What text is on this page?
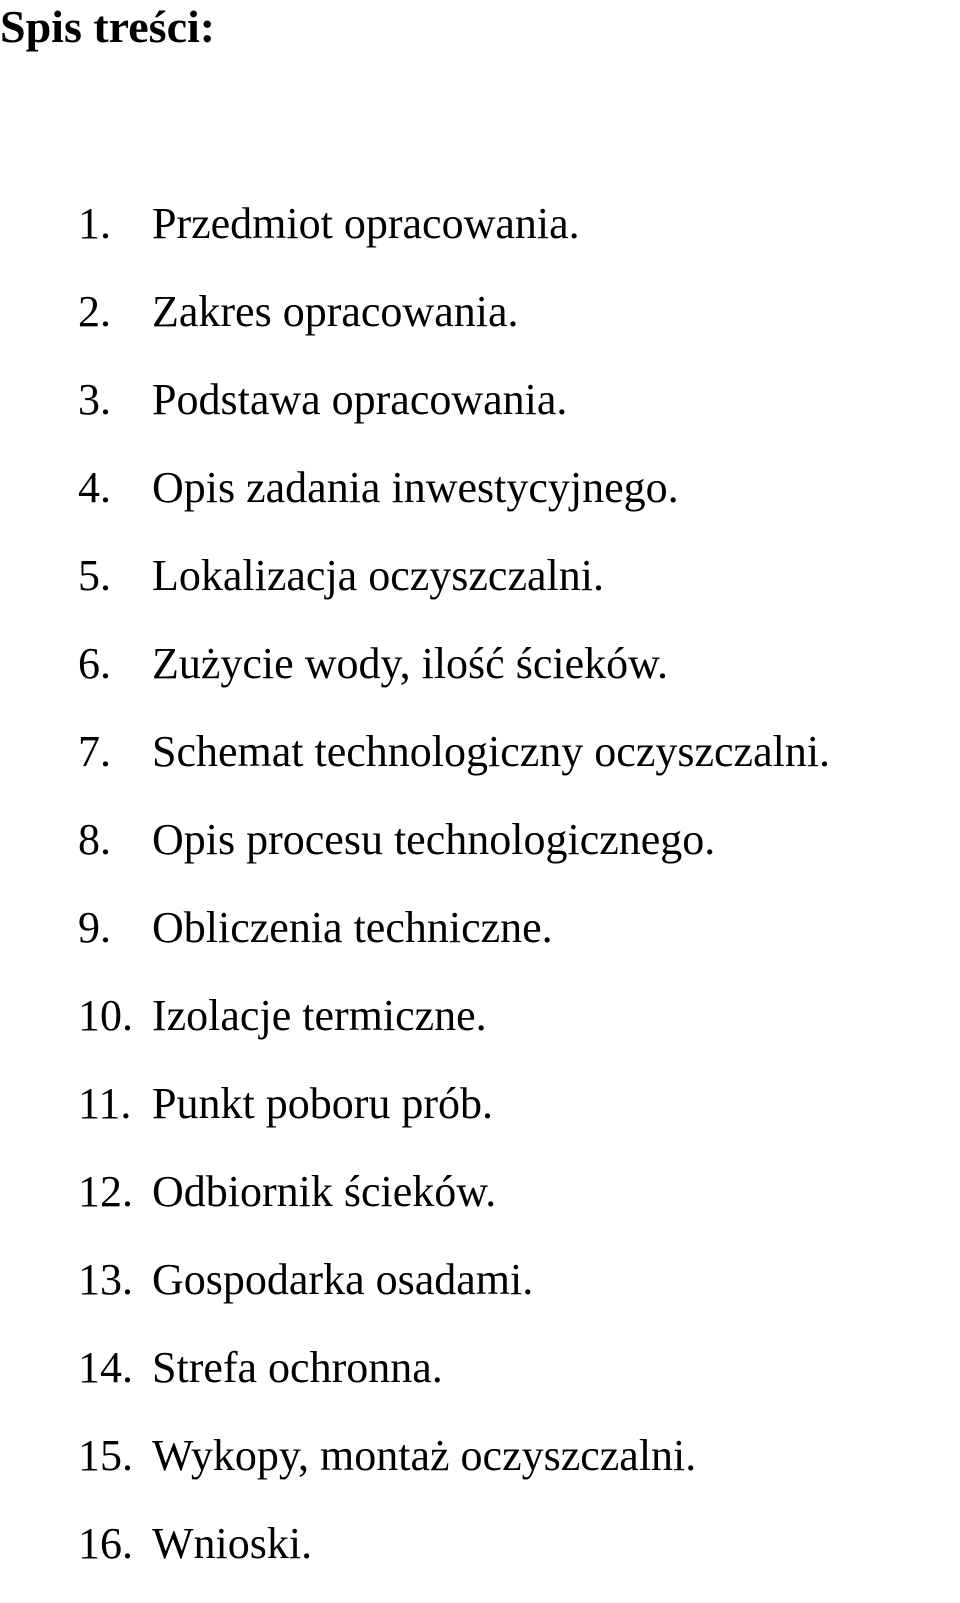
Spis treści:
1. Przedmiot opracowania.
2. Zakres opracowania.
3. Podstawa opracowania.
4. Opis zadania inwestycyjnego.
5. Lokalizacja oczyszczalni.
6. Zużycie wody, ilość ścieków.
7. Schemat technologiczny oczyszczalni.
8. Opis procesu technologicznego.
9. Obliczenia techniczne.
10. Izolacje termiczne.
11. Punkt poboru prób.
12. Odbiornik ścieków.
13. Gospodarka osadami.
14. Strefa ochronna.
15. Wykopy, montaż oczyszczalni.
16. Wnioski.
